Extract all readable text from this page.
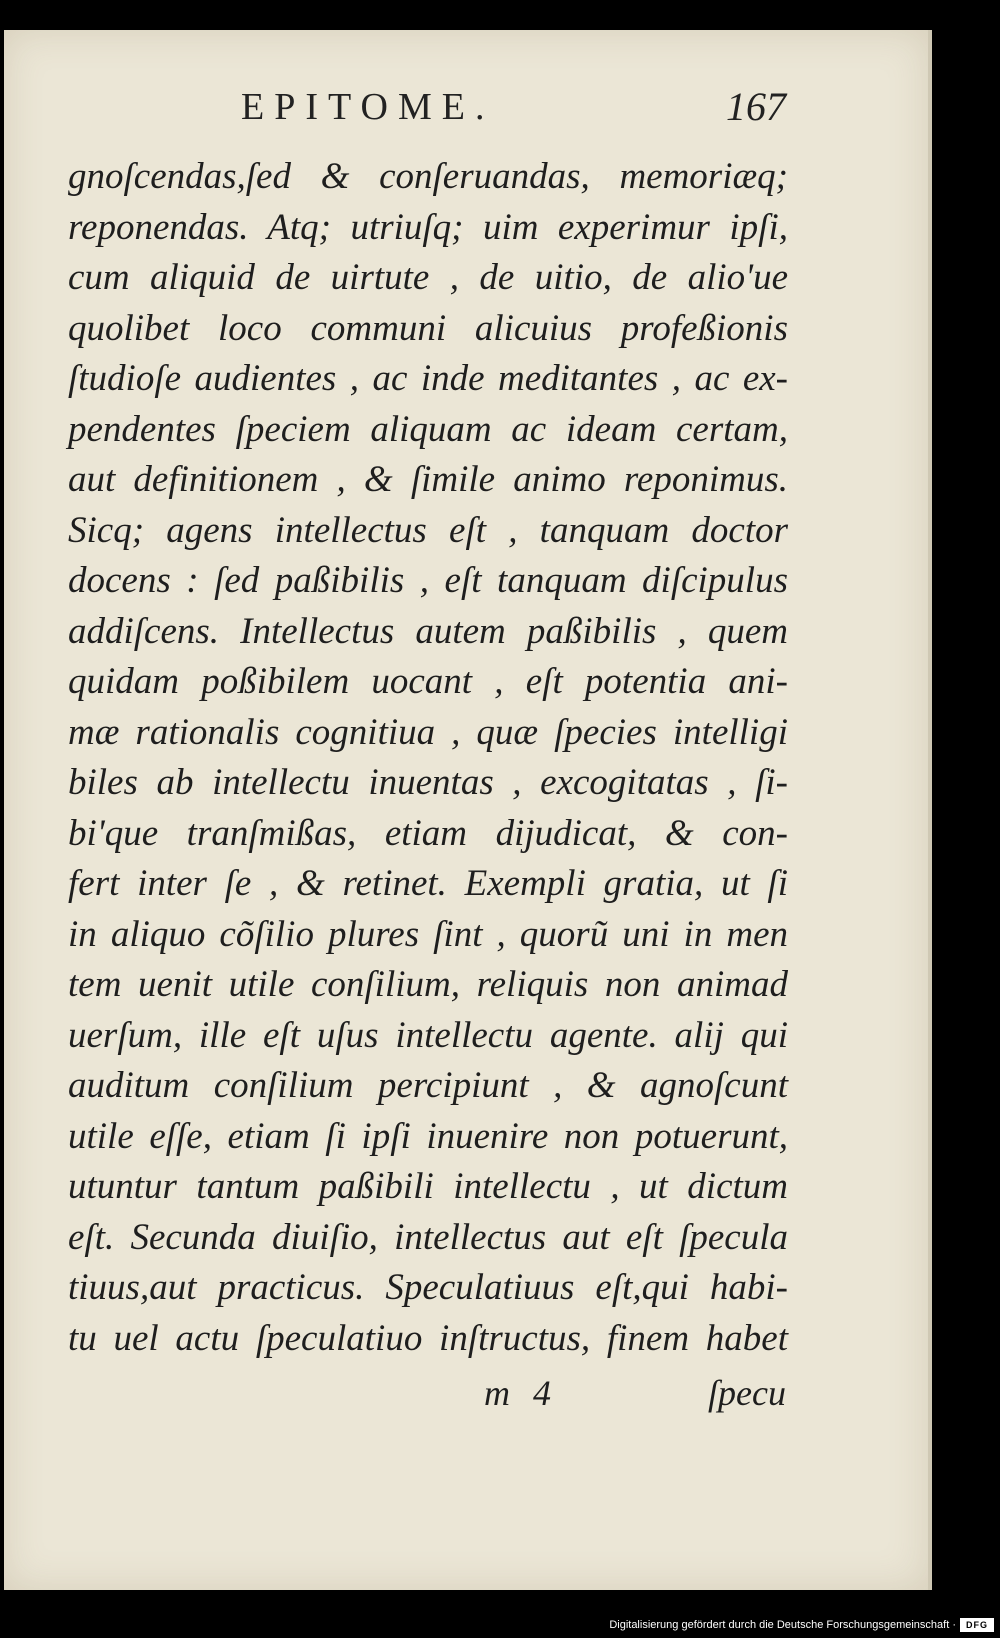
EPITOME.	167
gnoſcendas,ſed & conſeruandas, memoriæq;
reponendas. Atq; utriuſq; uim experimur ipſi,
cum aliquid de uirtute , de uitio, de alio'ue
quolibet loco communi alicuius profeßionis
ſtudioſe audientes , ac inde meditantes , ac ex-
pendentes ſpeciem aliquam ac ideam certam,
aut definitionem , & ſimile animo reponimus.
Sicq; agens intellectus eſt , tanquam doctor
docens : ſed paßibilis , eſt tanquam diſcipulus
addiſcens. Intellectus autem paßibilis , quem
quidam poßibilem uocant , eſt potentia ani-
mæ rationalis cognitiua , quæ ſpecies intelligi
biles ab intellectu inuentas , excogitatas , ſi-
bi'que tranſmißas, etiam dijudicat, & con-
fert inter ſe , & retinet. Exempli gratia, ut ſi
in aliquo cõſilio plures ſint , quorũ uni in men
tem uenit utile conſilium, reliquis non animad
uerſum, ille eſt uſus intellectu agente. alij qui
auditum conſilium percipiunt , & agnoſcunt
utile eſſe, etiam ſi ipſi inuenire non potuerunt,
utuntur tantum paßibili intellectu , ut dictum
eſt. Secunda diuiſio, intellectus aut eſt ſpecula
tiuus,aut practicus. Speculatiuus eſt,qui habi-
tu uel actu ſpeculatiuo inſtructus, finem habet
m 4	ſpecu
Digitalisierung gefördert durch die Deutsche Forschungsgemeinschaft ·	DFG
